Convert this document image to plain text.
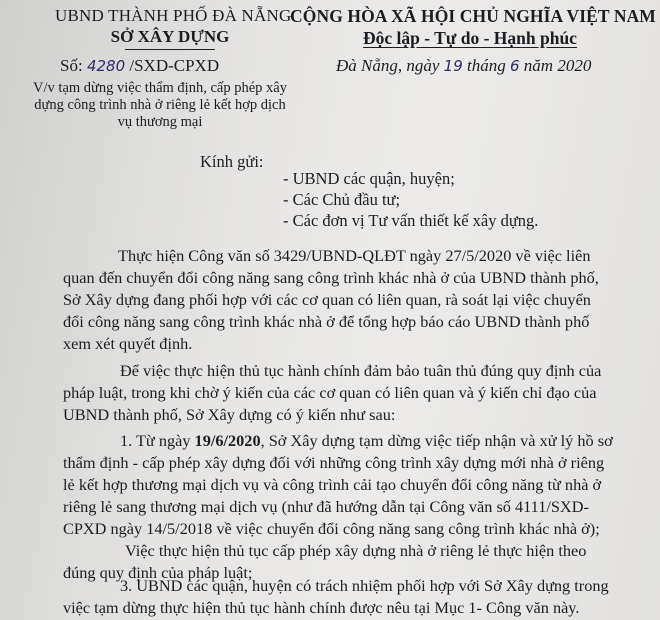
UBND THÀNH PHỐ ĐÀ NẴNG
SỞ XÂY DỰNG
CỘNG HÒA XÃ HỘI CHỦ NGHĨA VIỆT NAM
Độc lập - Tự do - Hạnh phúc
Số: 4280 /SXD-CPXD	Đà Nẵng, ngày 19 tháng 6 năm 2020
V/v tạm dừng việc thẩm định, cấp phép xây dựng công trình nhà ở riêng lẻ kết hợp dịch vụ thương mại
Kính gửi:
- UBND các quận, huyện;
- Các Chủ đầu tư;
- Các đơn vị Tư vấn thiết kế xây dựng.
Thực hiện Công văn số 3429/UBND-QLĐT ngày 27/5/2020 về việc liên
quan đến chuyển đổi công năng sang công trình khác nhà ở của UBND thành phố,
Sở Xây dựng đang phối hợp với các cơ quan có liên quan, rà soát lại việc chuyển
đổi công năng sang công trình khác nhà ở để tổng hợp báo cáo UBND thành phố
xem xét quyết định.
Để việc thực hiện thủ tục hành chính đảm bảo tuân thủ đúng quy định của
pháp luật, trong khi chờ ý kiến của các cơ quan có liên quan và ý kiến chỉ đạo của
UBND thành phố, Sở Xây dựng có ý kiến như sau:
1. Từ ngày 19/6/2020, Sở Xây dựng tạm dừng việc tiếp nhận và xử lý hồ sơ
thẩm định - cấp phép xây dựng đối với những công trình xây dựng mới nhà ở riêng
lẻ kết hợp thương mại dịch vụ và công trình cải tạo chuyển đổi công năng từ nhà ở
riêng lẻ sang thương mại dịch vụ (như đã hướng dẫn tại Công văn số 4111/SXD-
CPXD ngày 14/5/2018 về việc chuyển đổi công năng sang công trình khác nhà ở);
Việc thực hiện thủ tục cấp phép xây dựng nhà ở riêng lẻ thực hiện theo
đúng quy định của pháp luật;
3. UBND các quận, huyện có trách nhiệm phối hợp với Sở Xây dựng trong
việc tạm dừng thực hiện thủ tục hành chính được nêu tại Mục 1- Công văn này.
